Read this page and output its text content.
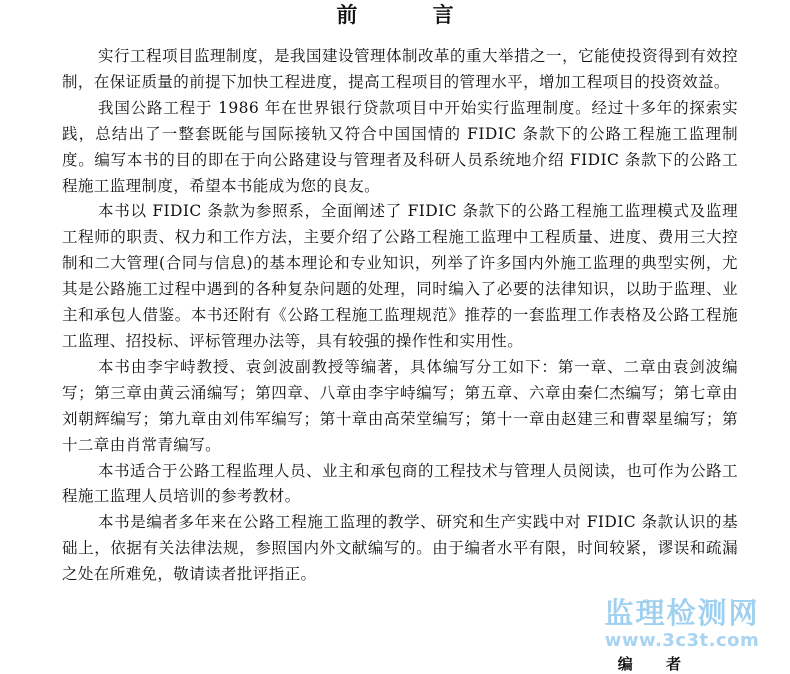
前 言

实行工程项目监理制度，是我国建设管理体制改革的重大举措之一，它能使投资得到有效控制，在保证质量的前提下加快工程进度，提高工程项目的管理水平，增加工程项目的投资效益。

我国公路工程于 1986 年在世界银行贷款项目中开始实行监理制度。经过十多年的探索实践，总结出了一整套既能与国际接轨又符合中国国情的 FIDIC 条款下的公路工程施工监理制度。编写本书的目的即在于向公路建设与管理者及科研人员系统地介绍 FIDIC 条款下的公路工程施工监理制度，希望本书能成为您的良友。

本书以 FIDIC 条款为参照系，全面阐述了 FIDIC 条款下的公路工程施工监理模式及监理工程师的职责、权力和工作方法，主要介绍了公路工程施工监理中工程质量、进度、费用三大控制和二大管理(合同与信息)的基本理论和专业知识，列举了许多国内外施工监理的典型实例，尤其是公路施工过程中遇到的各种复杂问题的处理，同时编入了必要的法律知识，以助于监理、业主和承包人借鉴。本书还附有《公路工程施工监理规范》推荐的一套监理工作表格及公路工程施工监理、招投标、评标管理办法等，具有较强的操作性和实用性。

本书由李宇峙教授、袁剑波副教授等编著，具体编写分工如下：第一章、二章由袁剑波编写；第三章由黄云涌编写；第四章、八章由李宇峙编写；第五章、六章由秦仁杰编写；第七章由刘朝辉编写；第九章由刘伟军编写；第十章由高荣堂编写；第十一章由赵建三和曹翠星编写；第十二章由肖常青编写。

本书适合于公路工程监理人员、业主和承包商的工程技术与管理人员阅读，也可作为公路工程施工监理人员培训的参考教材。

本书是编者多年来在公路工程施工监理的教学、研究和生产实践中对 FIDIC 条款认识的基础上，依据有关法律法规，参照国内外文献编写的。由于编者水平有限，时间较紧，谬误和疏漏之处在所难免，敬请读者批评指正。

编 者
监理检测网
www.3c3t.com
